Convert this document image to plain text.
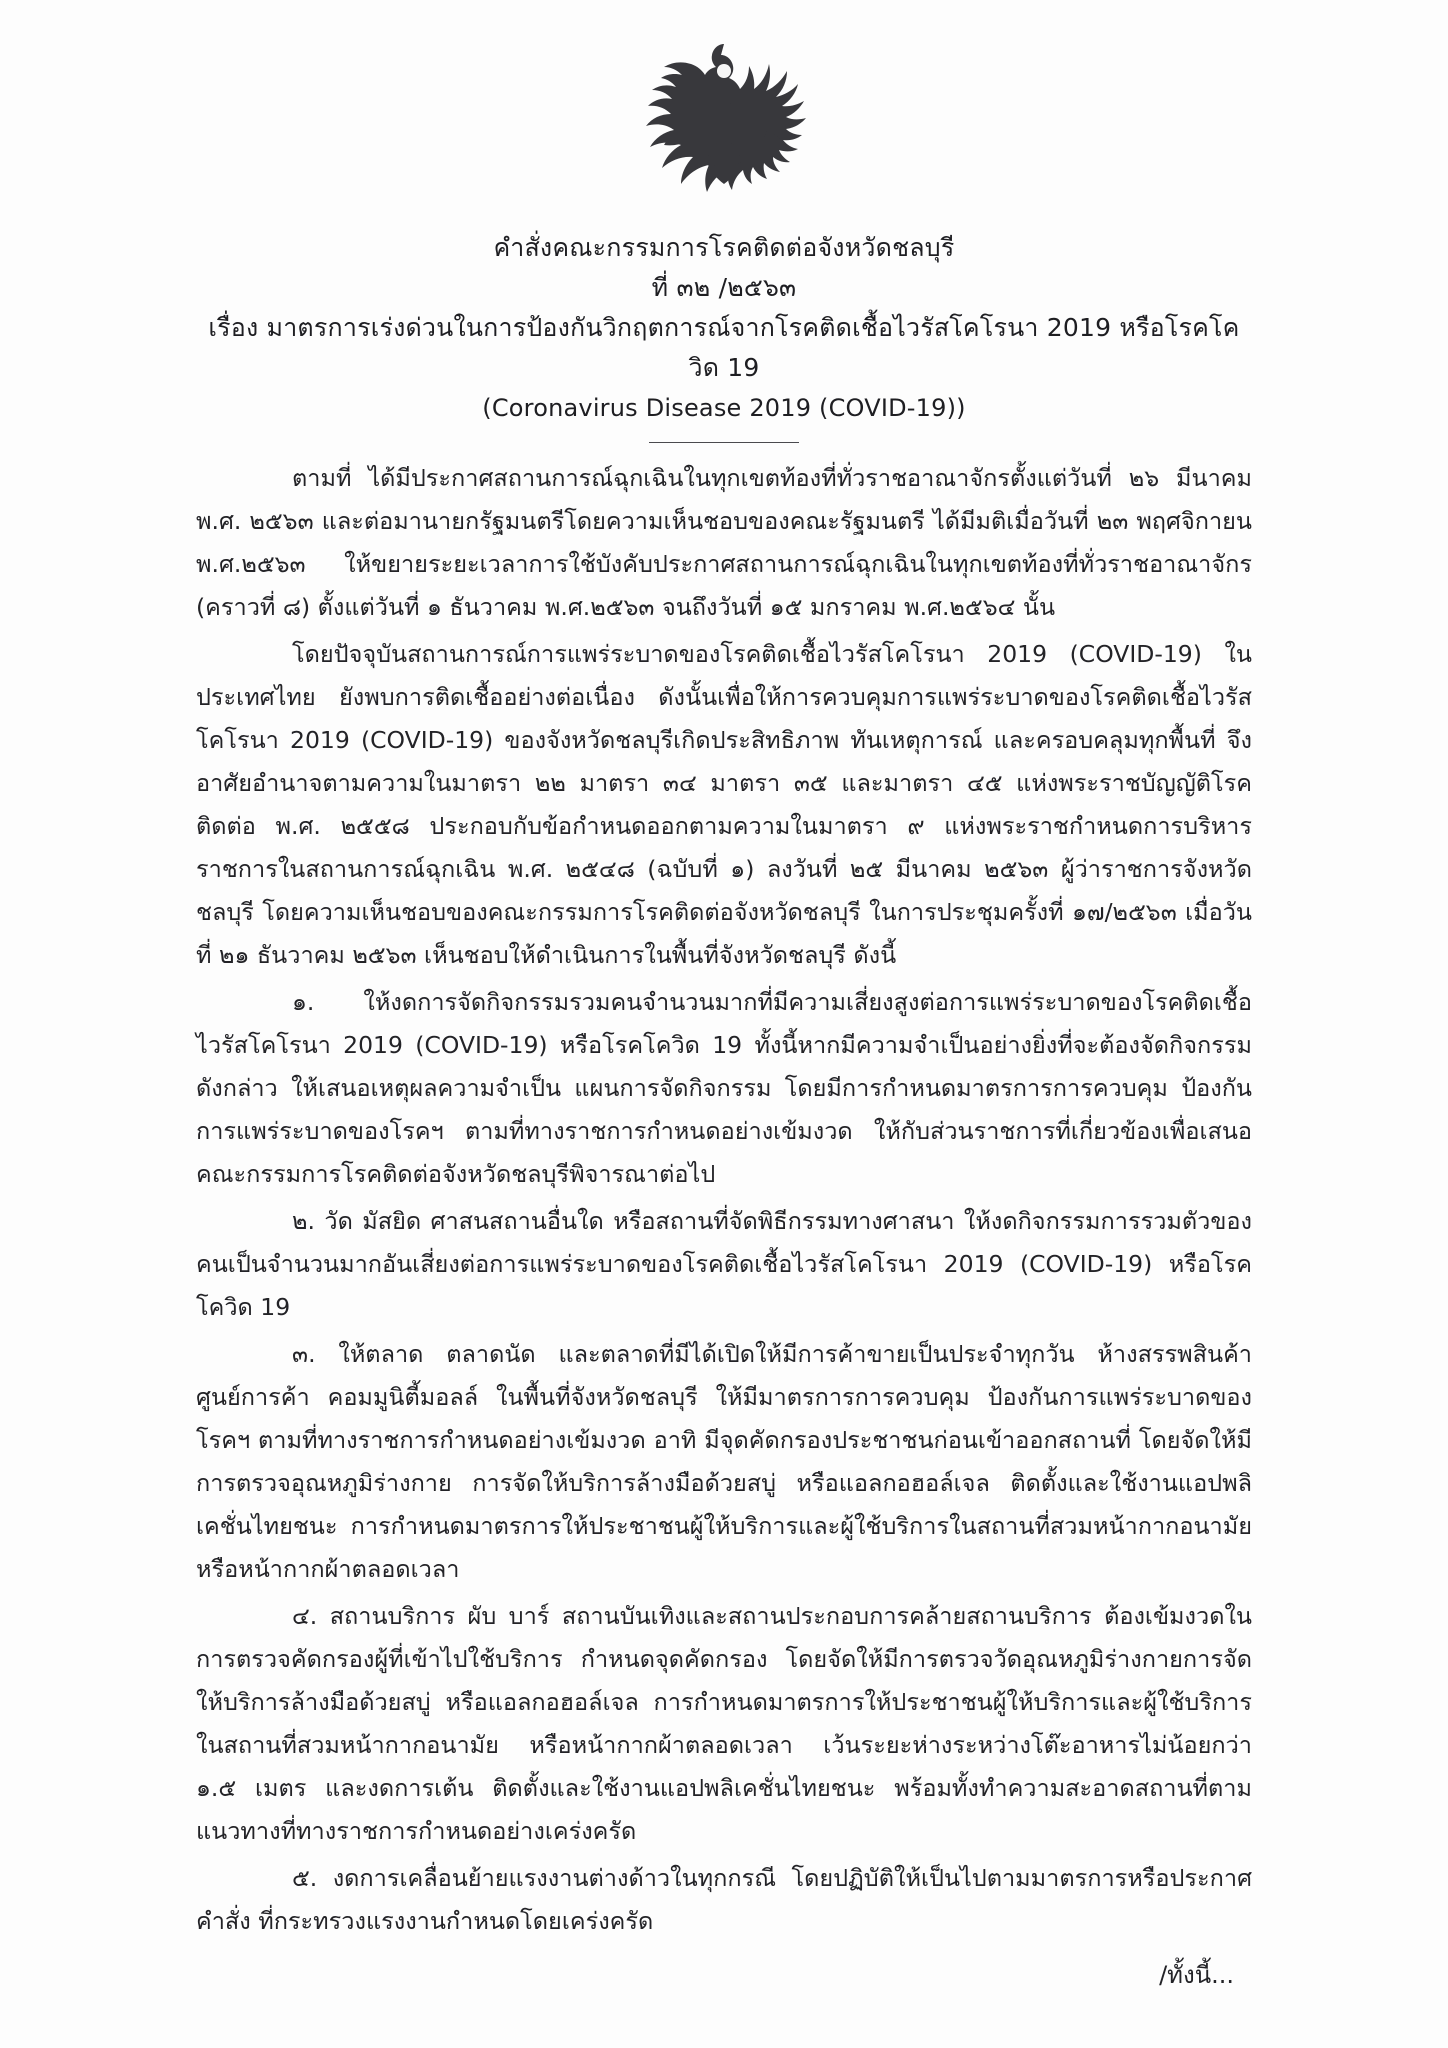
คำสั่งคณะกรรมการโรคติดต่อจังหวัดชลบุรี
ที่ ๓๒ /๒๕๖๓
เรื่อง มาตรการเร่งด่วนในการป้องกันวิกฤตการณ์จากโรคติดเชื้อไวรัสโคโรนา 2019 หรือโรคโควิด 19
(Coronavirus Disease 2019 (COVID-19))

ตามที่ ได้มีประกาศสถานการณ์ฉุกเฉินในทุกเขตท้องที่ทั่วราชอาณาจักรตั้งแต่วันที่ ๒๖ มีนาคม พ.ศ. ๒๕๖๓ และต่อมานายกรัฐมนตรีโดยความเห็นชอบของคณะรัฐมนตรี ได้มีมติเมื่อวันที่ ๒๓ พฤศจิกายน พ.ศ.๒๕๖๓ ให้ขยายระยะเวลาการใช้บังคับประกาศสถานการณ์ฉุกเฉินในทุกเขตท้องที่ทั่วราชอาณาจักร (คราวที่ ๘) ตั้งแต่วันที่ ๑ ธันวาคม พ.ศ.๒๕๖๓ จนถึงวันที่ ๑๕ มกราคม พ.ศ.๒๕๖๔ นั้น

โดยปัจจุบันสถานการณ์การแพร่ระบาดของโรคติดเชื้อไวรัสโคโรนา 2019 (COVID-19) ในประเทศไทย ยังพบการติดเชื้ออย่างต่อเนื่อง ดังนั้นเพื่อให้การควบคุมการแพร่ระบาดของโรคติดเชื้อไวรัสโคโรนา 2019 (COVID-19) ของจังหวัดชลบุรีเกิดประสิทธิภาพ ทันเหตุการณ์ และครอบคลุมทุกพื้นที่ จึงอาศัยอำนาจตามความในมาตรา ๒๒ มาตรา ๓๔ มาตรา ๓๕ และมาตรา ๔๕ แห่งพระราชบัญญัติโรคติดต่อ พ.ศ. ๒๕๕๘ ประกอบกับข้อกำหนดออกตามความในมาตรา ๙ แห่งพระราชกำหนดการบริหารราชการในสถานการณ์ฉุกเฉิน พ.ศ. ๒๕๔๘ (ฉบับที่ ๑) ลงวันที่ ๒๕ มีนาคม ๒๕๖๓ ผู้ว่าราชการจังหวัดชลบุรี โดยความเห็นชอบของคณะกรรมการโรคติดต่อจังหวัดชลบุรี ในการประชุมครั้งที่ ๑๗/๒๕๖๓ เมื่อวันที่ ๒๑ ธันวาคม ๒๕๖๓ เห็นชอบให้ดำเนินการในพื้นที่จังหวัดชลบุรี ดังนี้

๑. ให้งดการจัดกิจกรรมรวมคนจำนวนมากที่มีความเสี่ยงสูงต่อการแพร่ระบาดของโรคติดเชื้อไวรัสโคโรนา 2019 (COVID-19) หรือโรคโควิด 19 ทั้งนี้หากมีความจำเป็นอย่างยิ่งที่จะต้องจัดกิจกรรมดังกล่าว ให้เสนอเหตุผลความจำเป็น แผนการจัดกิจกรรม โดยมีการกำหนดมาตรการการควบคุม ป้องกันการแพร่ระบาดของโรคฯ ตามที่ทางราชการกำหนดอย่างเข้มงวด ให้กับส่วนราชการที่เกี่ยวข้องเพื่อเสนอคณะกรรมการโรคติดต่อจังหวัดชลบุรีพิจารณาต่อไป

๒. วัด มัสยิด ศาสนสถานอื่นใด หรือสถานที่จัดพิธีกรรมทางศาสนา ให้งดกิจกรรมการรวมตัวของคนเป็นจำนวนมากอันเสี่ยงต่อการแพร่ระบาดของโรคติดเชื้อไวรัสโคโรนา 2019 (COVID-19) หรือโรคโควิด 19

๓. ให้ตลาด ตลาดนัด และตลาดที่มีได้เปิดให้มีการค้าขายเป็นประจำทุกวัน ห้างสรรพสินค้าศูนย์การค้า คอมมูนิตี้มอลล์ ในพื้นที่จังหวัดชลบุรี ให้มีมาตรการการควบคุม ป้องกันการแพร่ระบาดของโรคฯ ตามที่ทางราชการกำหนดอย่างเข้มงวด อาทิ มีจุดคัดกรองประชาชนก่อนเข้าออกสถานที่ โดยจัดให้มีการตรวจอุณหภูมิร่างกาย การจัดให้บริการล้างมือด้วยสบู่ หรือแอลกอฮอล์เจล ติดตั้งและใช้งานแอปพลิเคชั่นไทยชนะ การกำหนดมาตรการให้ประชาชนผู้ให้บริการและผู้ใช้บริการในสถานที่สวมหน้ากากอนามัย หรือหน้ากากผ้าตลอดเวลา

๔. สถานบริการ ผับ บาร์ สถานบันเทิงและสถานประกอบการคล้ายสถานบริการ ต้องเข้มงวดในการตรวจคัดกรองผู้ที่เข้าไปใช้บริการ กำหนดจุดคัดกรอง โดยจัดให้มีการตรวจวัดอุณหภูมิร่างกายการจัดให้บริการล้างมือด้วยสบู่ หรือแอลกอฮอล์เจล การกำหนดมาตรการให้ประชาชนผู้ให้บริการและผู้ใช้บริการในสถานที่สวมหน้ากากอนามัย หรือหน้ากากผ้าตลอดเวลา เว้นระยะห่างระหว่างโต๊ะอาหารไม่น้อยกว่า ๑.๕ เมตร และงดการเต้น ติดตั้งและใช้งานแอปพลิเคชั่นไทยชนะ พร้อมทั้งทำความสะอาดสถานที่ตามแนวทางที่ทางราชการกำหนดอย่างเคร่งครัด

๕. งดการเคลื่อนย้ายแรงงานต่างด้าวในทุกกรณี โดยปฏิบัติให้เป็นไปตามมาตรการหรือประกาศ คำสั่ง ที่กระทรวงแรงงานกำหนดโดยเคร่งครัด

/ทั้งนี้...
